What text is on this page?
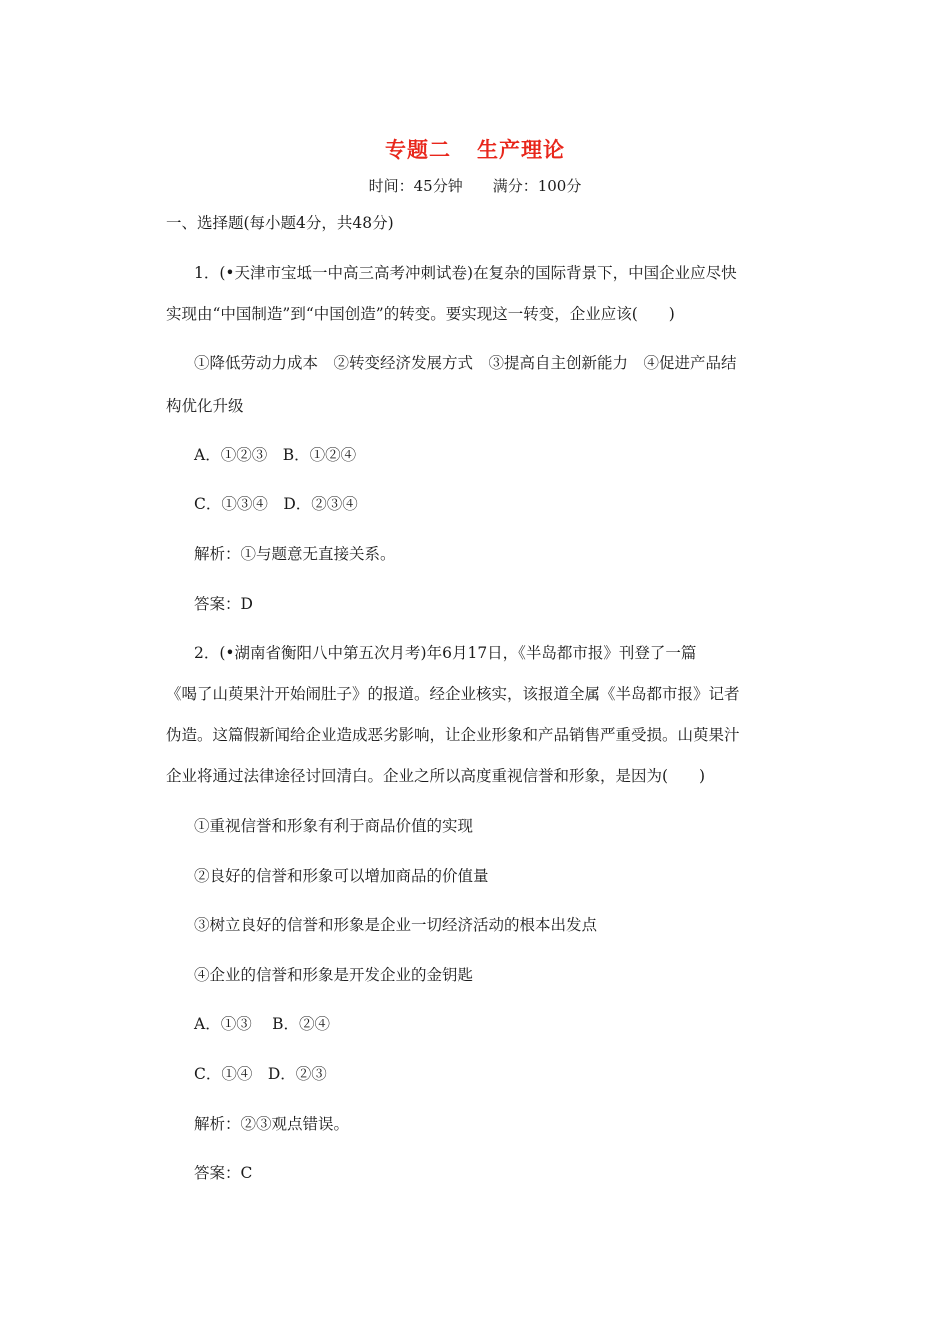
专题二 生产理论
时间：45分钟 满分：100分
一、选择题(每小题4分，共48分)
1．(•天津市宝坻一中高三高考冲刺试卷)在复杂的国际背景下，中国企业应尽快
实现由“中国制造”到“中国创造”的转变。要实现这一转变，企业应该(　　)
①降低劳动力成本　②转变经济发展方式　③提高自主创新能力　④促进产品结
构优化升级
A．①②③　B．①②④
C．①③④　D．②③④
解析：①与题意无直接关系。
答案：D
2．(•湖南省衡阳八中第五次月考)年6月17日，《半岛都市报》刊登了一篇
《喝了山萸果汁开始闹肚子》的报道。经企业核实，该报道全属《半岛都市报》记者
伪造。这篇假新闻给企业造成恶劣影响，让企业形象和产品销售严重受损。山萸果汁
企业将通过法律途径讨回清白。企业之所以高度重视信誉和形象，是因为(　　)
①重视信誉和形象有利于商品价值的实现
②良好的信誉和形象可以增加商品的价值量
③树立良好的信誉和形象是企业一切经济活动的根本出发点
④企业的信誉和形象是开发企业的金钥匙
A．①③　 B．②④
C．①④　D．②③
解析：②③观点错误。
答案：C
